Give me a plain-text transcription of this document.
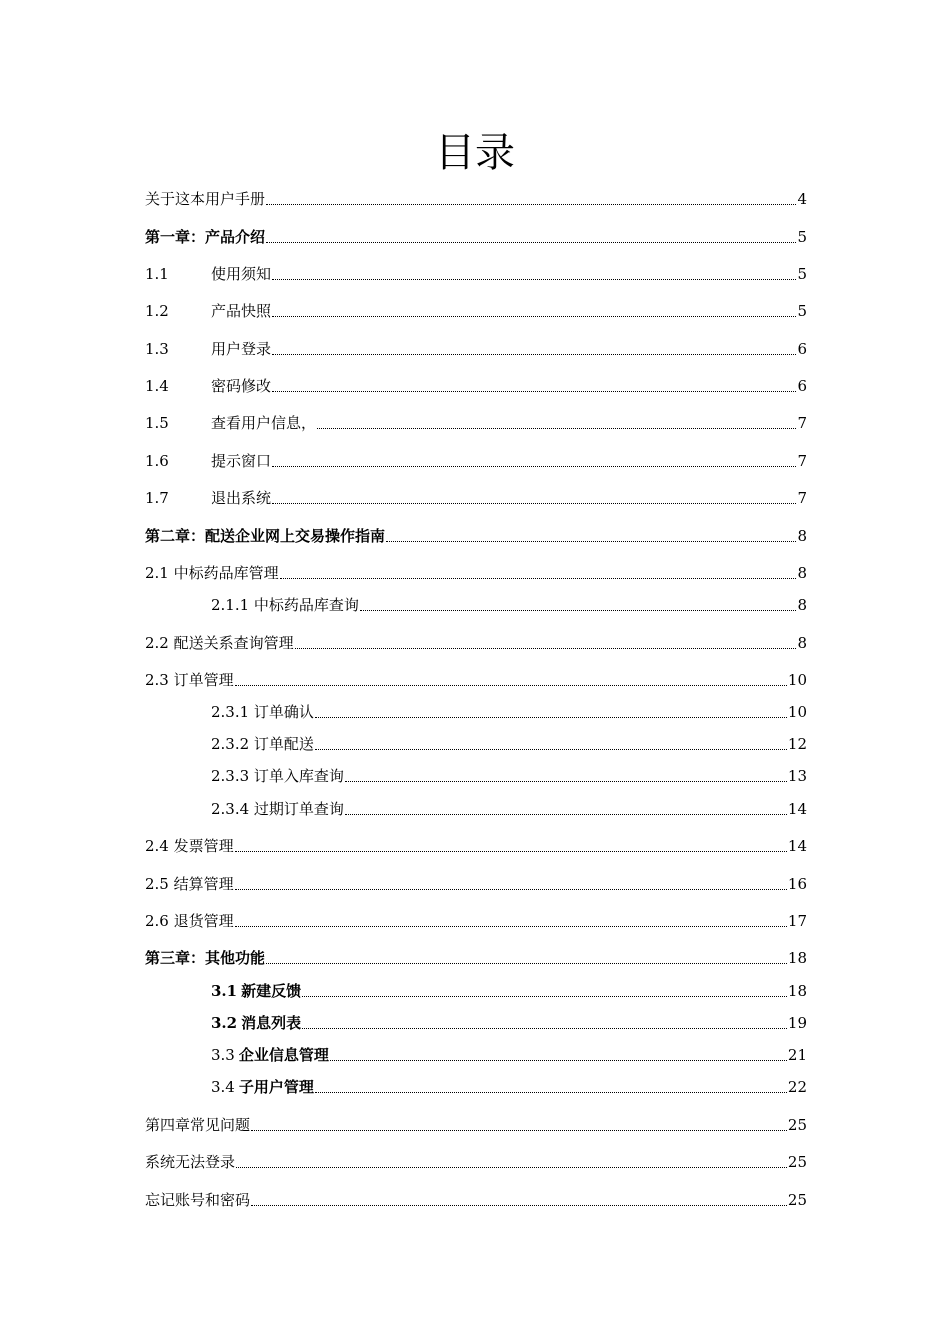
目录
关于这本用户手册	4
第一章：产品介绍	5
1.1	使用须知	5
1.2	产品快照	5
1.3	用户登录	6
1.4	密码修改	6
1.5	查看用户信息，	7
1.6	提示窗口	7
1.7	退出系统	7
第二章：配送企业网上交易操作指南	8
2.1 中标药品库管理	8
2.1.1 中标药品库查询	8
2.2 配送关系查询管理	8
2.3 订单管理	10
2.3.1 订单确认	10
2.3.2 订单配送	12
2.3.3 订单入库查询	13
2.3.4 过期订单查询	14
2.4 发票管理	14
2.5 结算管理	16
2.6 退货管理	17
第三章：其他功能	18
3.1 新建反馈	18
3.2 消息列表	19
3.3 企业信息管理	21
3.4 子用户管理	22
第四章常见问题	25
系统无法登录	25
忘记账号和密码	25
